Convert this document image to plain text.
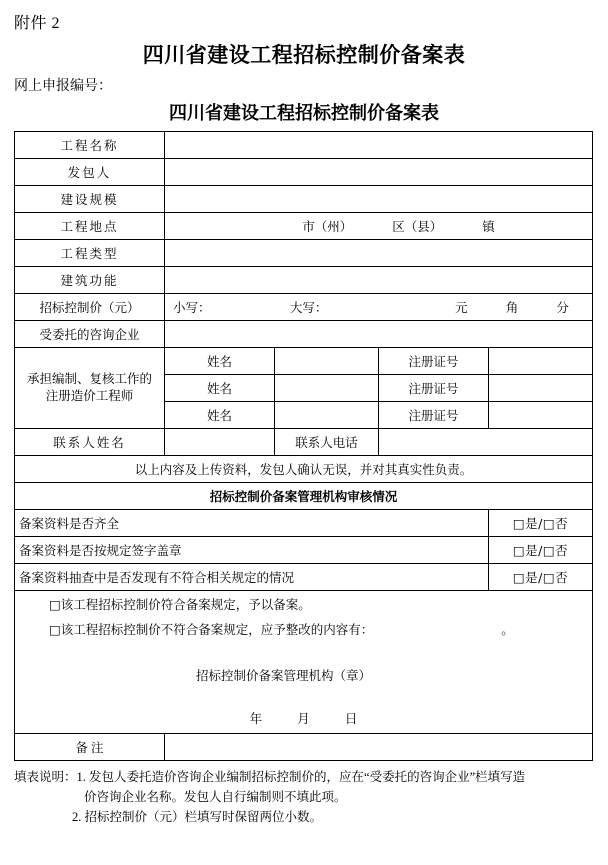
附件 2
四川省建设工程招标控制价备案表
网上申报编号：
四川省建设工程招标控制价备案表
工程名称				
发包人				
建设规模				
工程地点	市（州） 区（县） 镇			

工程类型				
建筑功能				
招标控制价（元）	小写： 大写： 元 角 分			

受委托的咨询企业				

承担编制、复核工作的
注册造价工程师	姓名		注册证号	
	姓名		注册证号	
	姓名		注册证号	
联系人姓名		联系人电话		
以上内容及上传资料，发包人确认无误，并对其真实性负责。				
招标控制价备案管理机构审核情况				
备案资料是否齐全				□是/□否
备案资料是否按规定签字盖章				□是/□否
备案资料抽查中是否发现有不符合相关规定的情况				□是/□否

□该工程招标控制价符合备案规定，予以备案。
□该工程招标控制价不符合备案规定，应予整改的内容有： 。
招标控制价备案管理机构（章）
年 月 日				

备 注				
填表说明：1. 发包人委托造价咨询企业编制招标控制价的，应在“受委托的咨询企业”栏填写造
价咨询企业名称。发包人自行编制则不填此项。
2. 招标控制价（元）栏填写时保留两位小数。
